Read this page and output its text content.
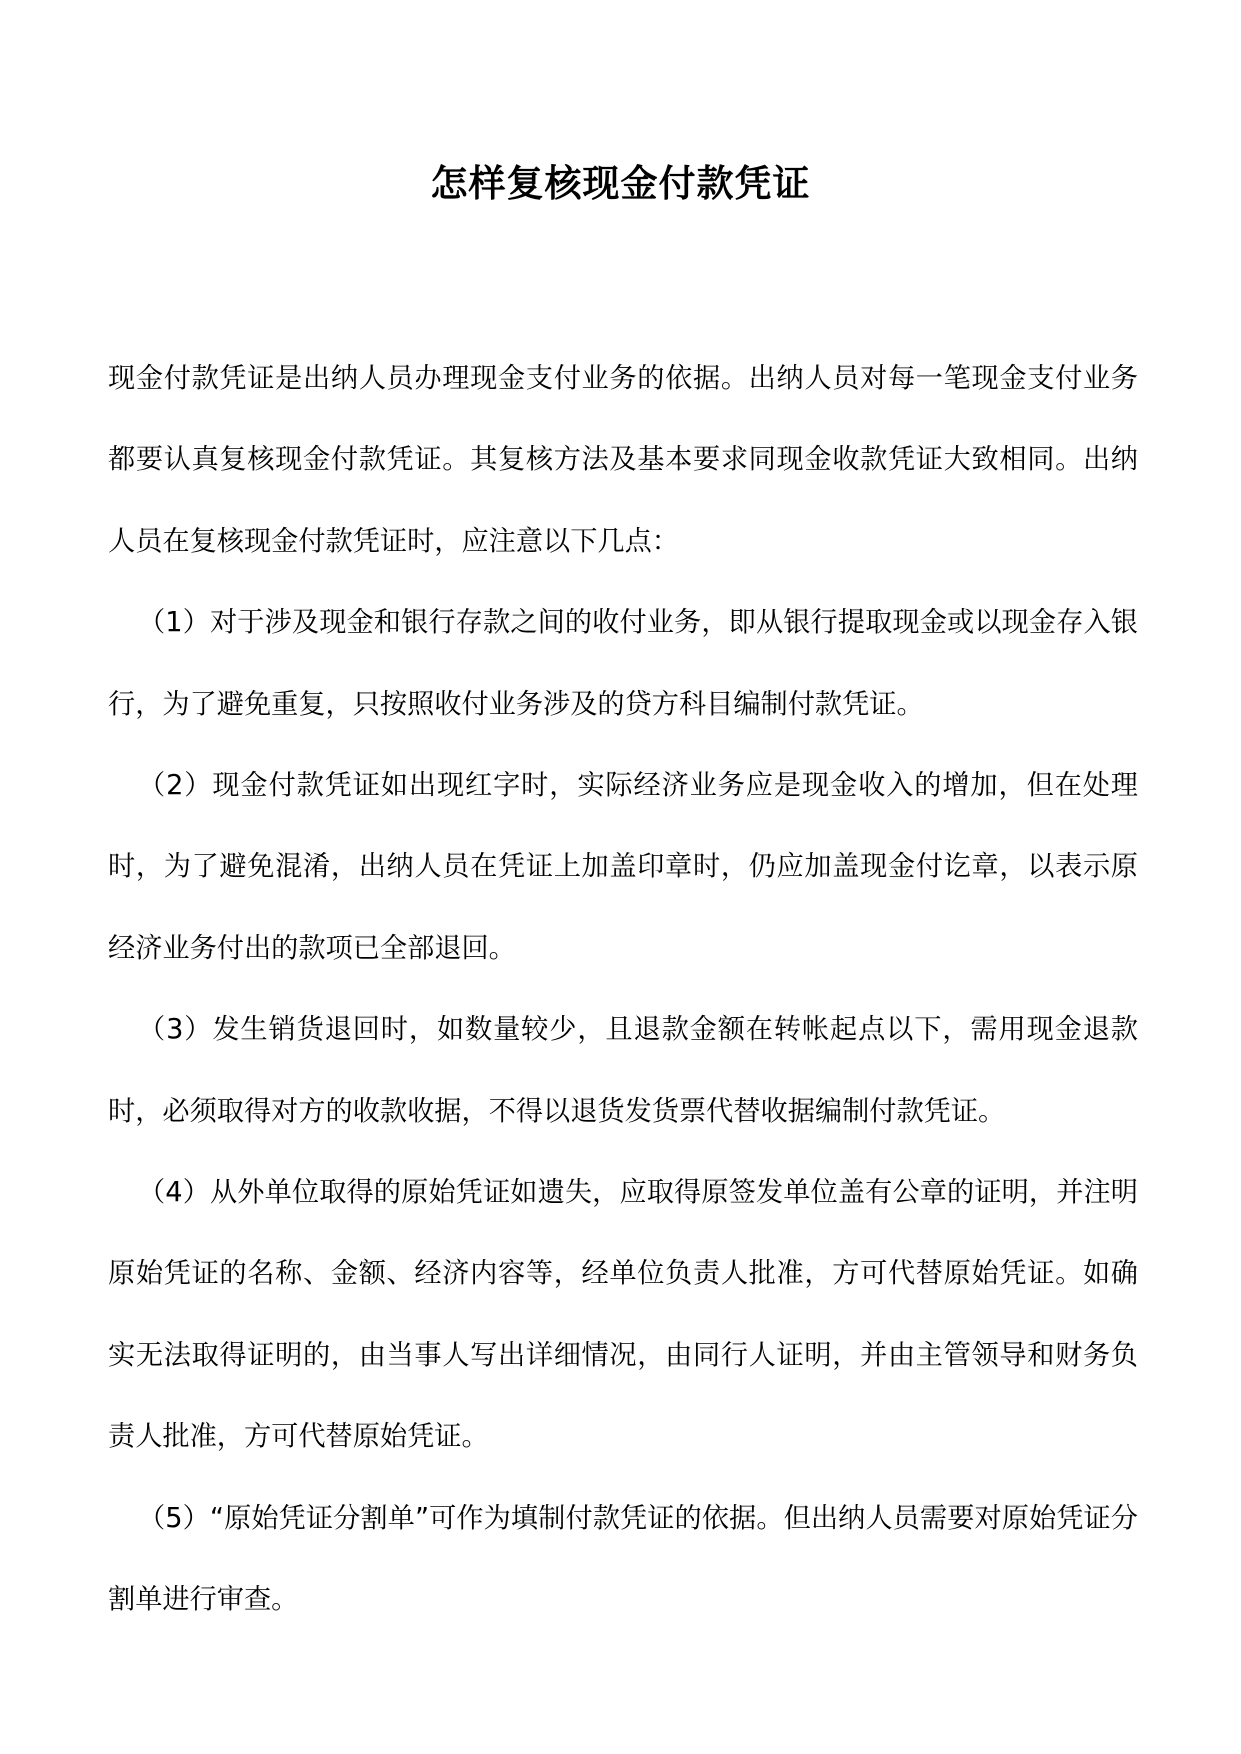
怎样复核现金付款凭证

现金付款凭证是出纳人员办理现金支付业务的依据。出纳人员对每一笔现金支付业务都要认真复核现金付款凭证。其复核方法及基本要求同现金收款凭证大致相同。出纳人员在复核现金付款凭证时，应注意以下几点：

（1）对于涉及现金和银行存款之间的收付业务，即从银行提取现金或以现金存入银行，为了避免重复，只按照收付业务涉及的贷方科目编制付款凭证。

（2）现金付款凭证如出现红字时，实际经济业务应是现金收入的增加，但在处理时，为了避免混淆，出纳人员在凭证上加盖印章时，仍应加盖现金付讫章，以表示原经济业务付出的款项已全部退回。

（3）发生销货退回时，如数量较少，且退款金额在转帐起点以下，需用现金退款时，必须取得对方的收款收据，不得以退货发货票代替收据编制付款凭证。

（4）从外单位取得的原始凭证如遗失，应取得原签发单位盖有公章的证明，并注明原始凭证的名称、金额、经济内容等，经单位负责人批准，方可代替原始凭证。如确实无法取得证明的，由当事人写出详细情况，由同行人证明，并由主管领导和财务负责人批准，方可代替原始凭证。

（5）“原始凭证分割单”可作为填制付款凭证的依据。但出纳人员需要对原始凭证分割单进行审查。
